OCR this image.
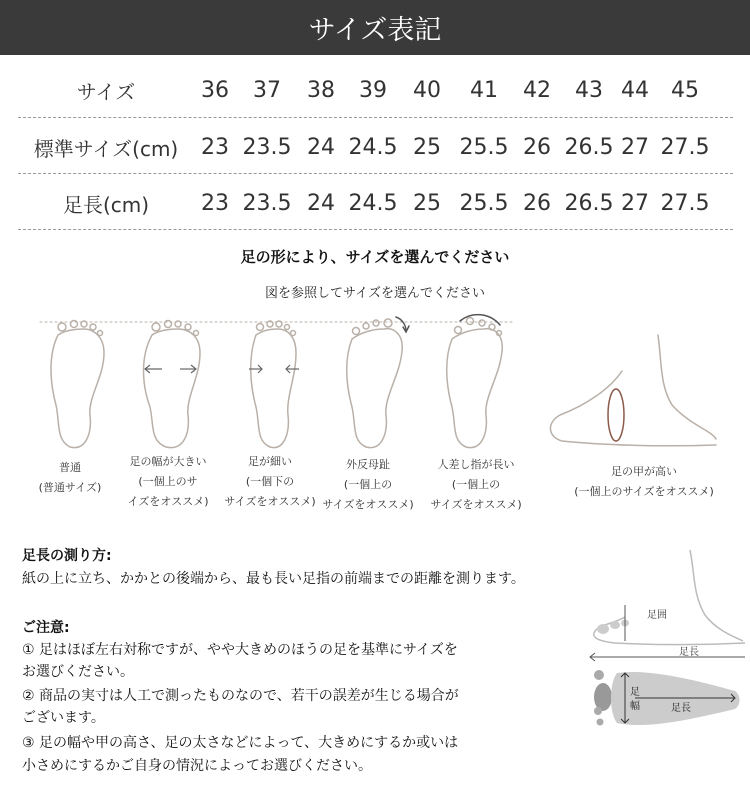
サイズ表記
サイズ	36 37 38 39 40 41 42 43 44 45
標準サイズ(cm)	23 23.5 24 24.5 25 25.5 26 26.5 27 27.5
足長(cm)	23 23.5 24 24.5 25 25.5 26 26.5 27 27.5
足の形により、サイズを選んでください
図を参照してサイズを選んでください
普通
(普通サイズ)
足の幅が大きい
(一個上のサ
イズをオススメ)
足が細い
(一個下の
サイズをオススメ)
外反母趾
(一個上の
サイズをオススメ)
人差し指が長い
(一個上の
サイズをオススメ)
足の甲が高い
(一個上のサイズをオススメ)
足長の測り方:
紙の上に立ち、かかとの後端から、最も長い足指の前端までの距離を測ります。
ご注意:
① 足はほぼ左右対称ですが、やや大きめのほうの足を基準にサイズを
お選びください。
② 商品の実寸は人工で測ったものなので、若干の誤差が生じる場合が
ございます。
③ 足の幅や甲の高さ、足の太さなどによって、大きめにするか或いは
小さめにするかご自身の情況によってお選びください。
足囲
足長
足
幅	足長
